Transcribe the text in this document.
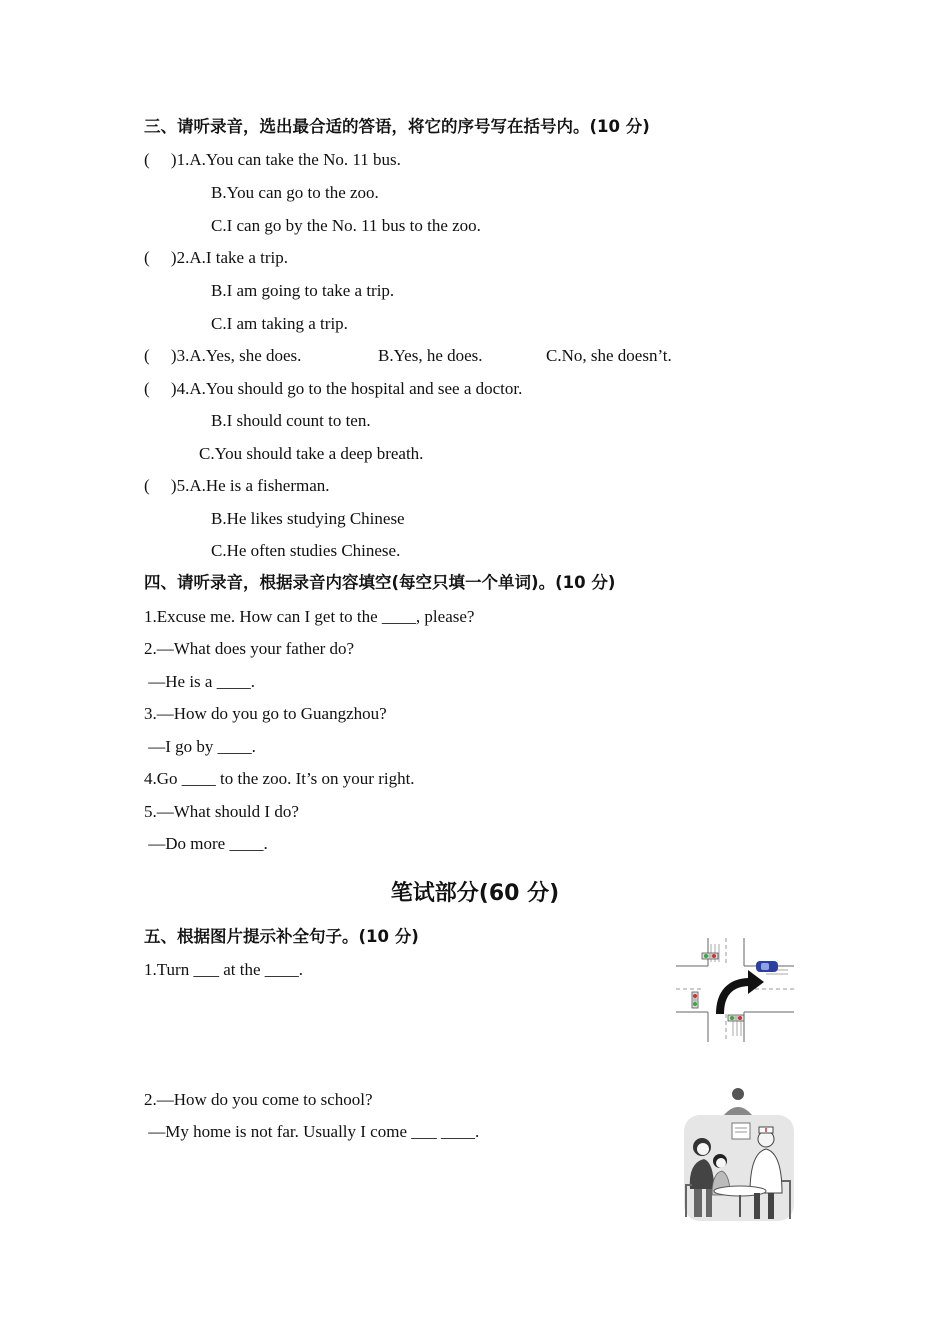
三、请听录音，选出最合适的答语，将它的序号写在括号内。(10 分)
(     )1.A.You can take the No. 11 bus.
B.You can go to the zoo.
C.I can go by the No. 11 bus to the zoo.
(     )2.A.I take a trip.
B.I am going to take a trip.
C.I am taking a trip.
(     )3.A.Yes, she does.	B.Yes, he does.	C.No, she doesn’t.
(     )4.A.You should go to the hospital and see a doctor.
B.I should count to ten.
C.You should take a deep breath.
(     )5.A.He is a fisherman.
B.He likes studying Chinese
C.He often studies Chinese.
四、请听录音，根据录音内容填空(每空只填一个单词)。(10 分)
1.Excuse me. How can I get to the ____, please?
2.—What does your father do?
—He is a ____.
3.—How do you go to Guangzhou?
—I go by ____.
4.Go ____ to the zoo. It’s on your right.
5.—What should I do?
—Do more ____.
笔试部分(60 分)
五、根据图片提示补全句子。(10 分)
1.Turn ___ at the ____.
2.—How do you come to school?
—My home is not far. Usually I come ___ ____.
